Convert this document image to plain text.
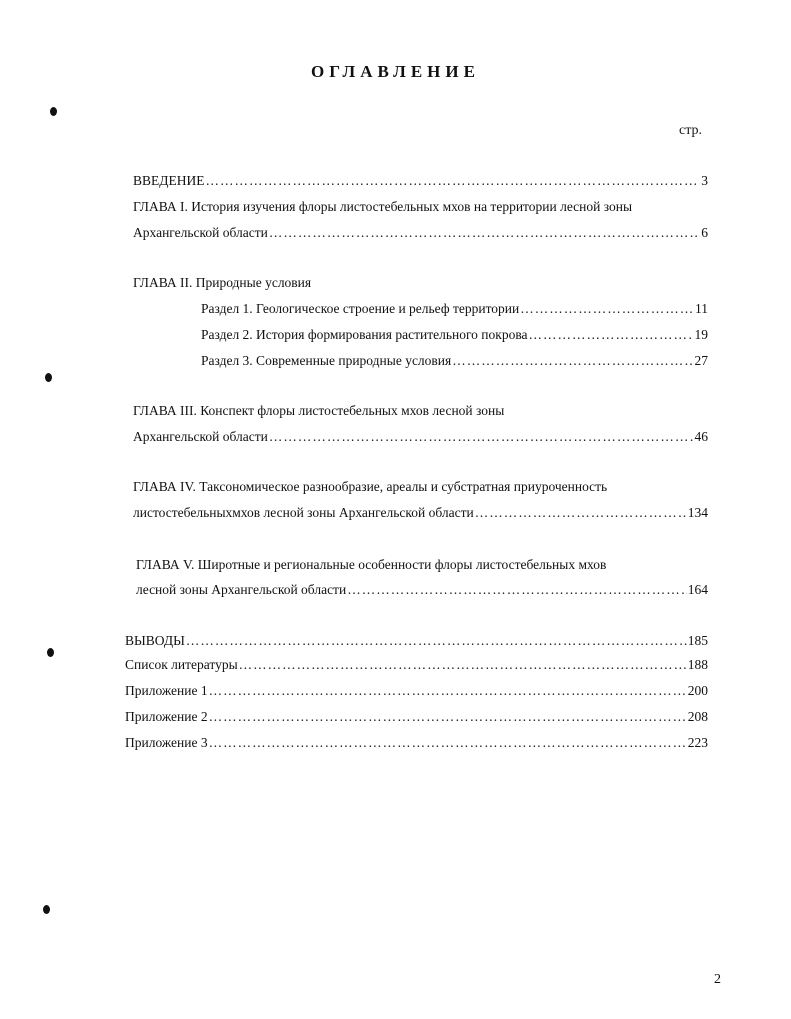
ОГЛАВЛЕНИЕ
стр.
ВВЕДЕНИЕ ……………………………………………………………………………………………………………………………………………………………………………………………………………………………………………	3
ГЛАВА I. История изучения флоры листостебельных мхов на территории лесной зоны
Архангельской области ……………………………………………………………………………………………………………………………………………………………………………………………………………………………………………	6
ГЛАВА II. Природные условия
Раздел 1. Геологическое строение и рельеф территории ……………………………………………………………………………………………………………………………………………………………………………………………………………………………………………	11
Раздел 2. История формирования растительного покрова ……………………………………………………………………………………………………………………………………………………………………………………………………………………………………………	19
Раздел 3. Современные природные условия ……………………………………………………………………………………………………………………………………………………………………………………………………………………………………………	27
ГЛАВА III. Конспект флоры листостебельных мхов лесной зоны
Архангельской области ……………………………………………………………………………………………………………………………………………………………………………………………………………………………………………	46
ГЛАВА IV. Таксономическое разнообразие, ареалы и субстратная приуроченность
листостебельныхмхов лесной зоны Архангельской области ……………………………………………………………………………………………………………………………………………………………………………………………………………………………………………	134
ГЛАВА V. Широтные и региональные особенности флоры листостебельных мхов
лесной зоны Архангельской области ……………………………………………………………………………………………………………………………………………………………………………………………………………………………………………	164
ВЫВОДЫ ……………………………………………………………………………………………………………………………………………………………………………………………………………………………………………	185
Список литературы ……………………………………………………………………………………………………………………………………………………………………………………………………………………………………………	188
Приложение 1 ……………………………………………………………………………………………………………………………………………………………………………………………………………………………………………	200
Приложение 2 ……………………………………………………………………………………………………………………………………………………………………………………………………………………………………………	208
Приложение 3 ……………………………………………………………………………………………………………………………………………………………………………………………………………………………………………	223
2
